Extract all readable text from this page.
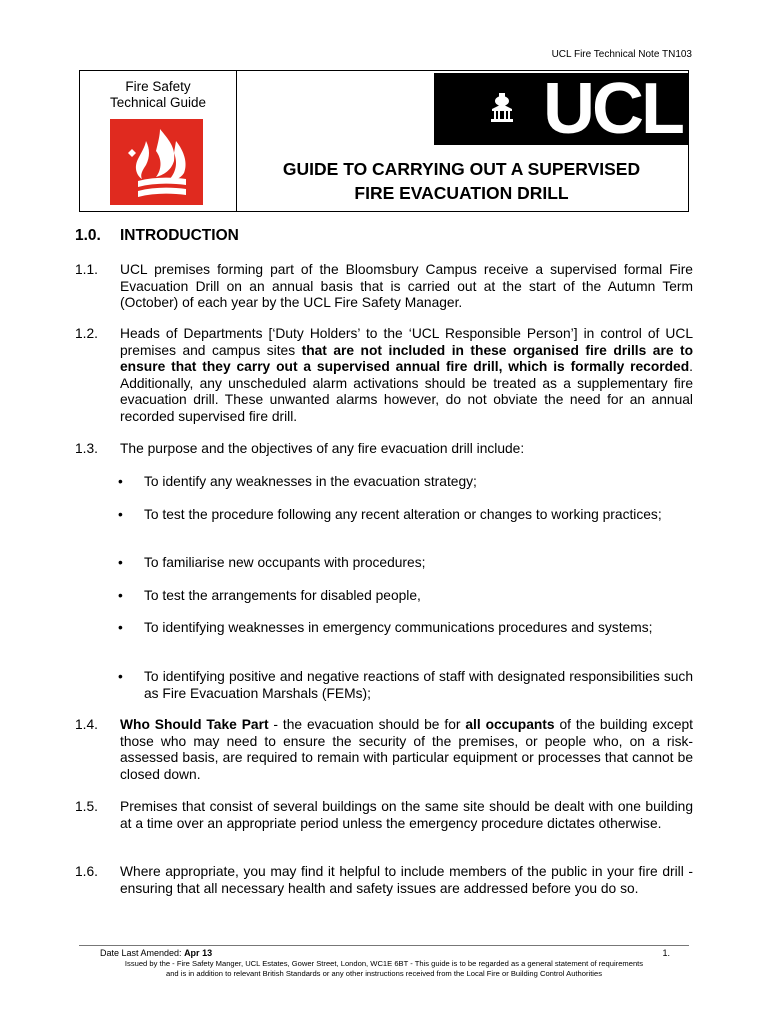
UCL Fire Technical Note TN103
Fire Safety
Technical Guide	UCL
GUIDE TO CARRYING OUT A SUPERVISED
FIRE EVACUATION DRILL
1.0. INTRODUCTION
1.1. UCL premises forming part of the Bloomsbury Campus receive a supervised formal Fire Evacuation Drill on an annual basis that is carried out at the start of the Autumn Term (October) of each year by the UCL Fire Safety Manager.
1.2. Heads of Departments [‘Duty Holders’ to the ‘UCL Responsible Person’] in control of UCL premises and campus sites that are not included in these organised fire drills are to ensure that they carry out a supervised annual fire drill, which is formally recorded. Additionally, any unscheduled alarm activations should be treated as a supplementary fire evacuation drill. These unwanted alarms however, do not obviate the need for an annual recorded supervised fire drill.
1.3. The purpose and the objectives of any fire evacuation drill include:
• To identify any weaknesses in the evacuation strategy;
• To test the procedure following any recent alteration or changes to working practices;
• To familiarise new occupants with procedures;
• To test the arrangements for disabled people,
• To identifying weaknesses in emergency communications procedures and systems;
• To identifying positive and negative reactions of staff with designated responsibilities such as Fire Evacuation Marshals (FEMs);
1.4. Who Should Take Part - the evacuation should be for all occupants of the building except those who may need to ensure the security of the premises, or people who, on a risk-assessed basis, are required to remain with particular equipment or processes that cannot be closed down.
1.5. Premises that consist of several buildings on the same site should be dealt with one building at a time over an appropriate period unless the emergency procedure dictates otherwise.
1.6. Where appropriate, you may find it helpful to include members of the public in your fire drill - ensuring that all necessary health and safety issues are addressed before you do so.
Date Last Amended: Apr 13	1.
Issued by the - Fire Safety Manger, UCL Estates, Gower Street, London, WC1E 6BT - This guide is to be regarded as a general statement of requirements
and is in addition to relevant British Standards or any other instructions received from the Local Fire or Building Control Authorities
